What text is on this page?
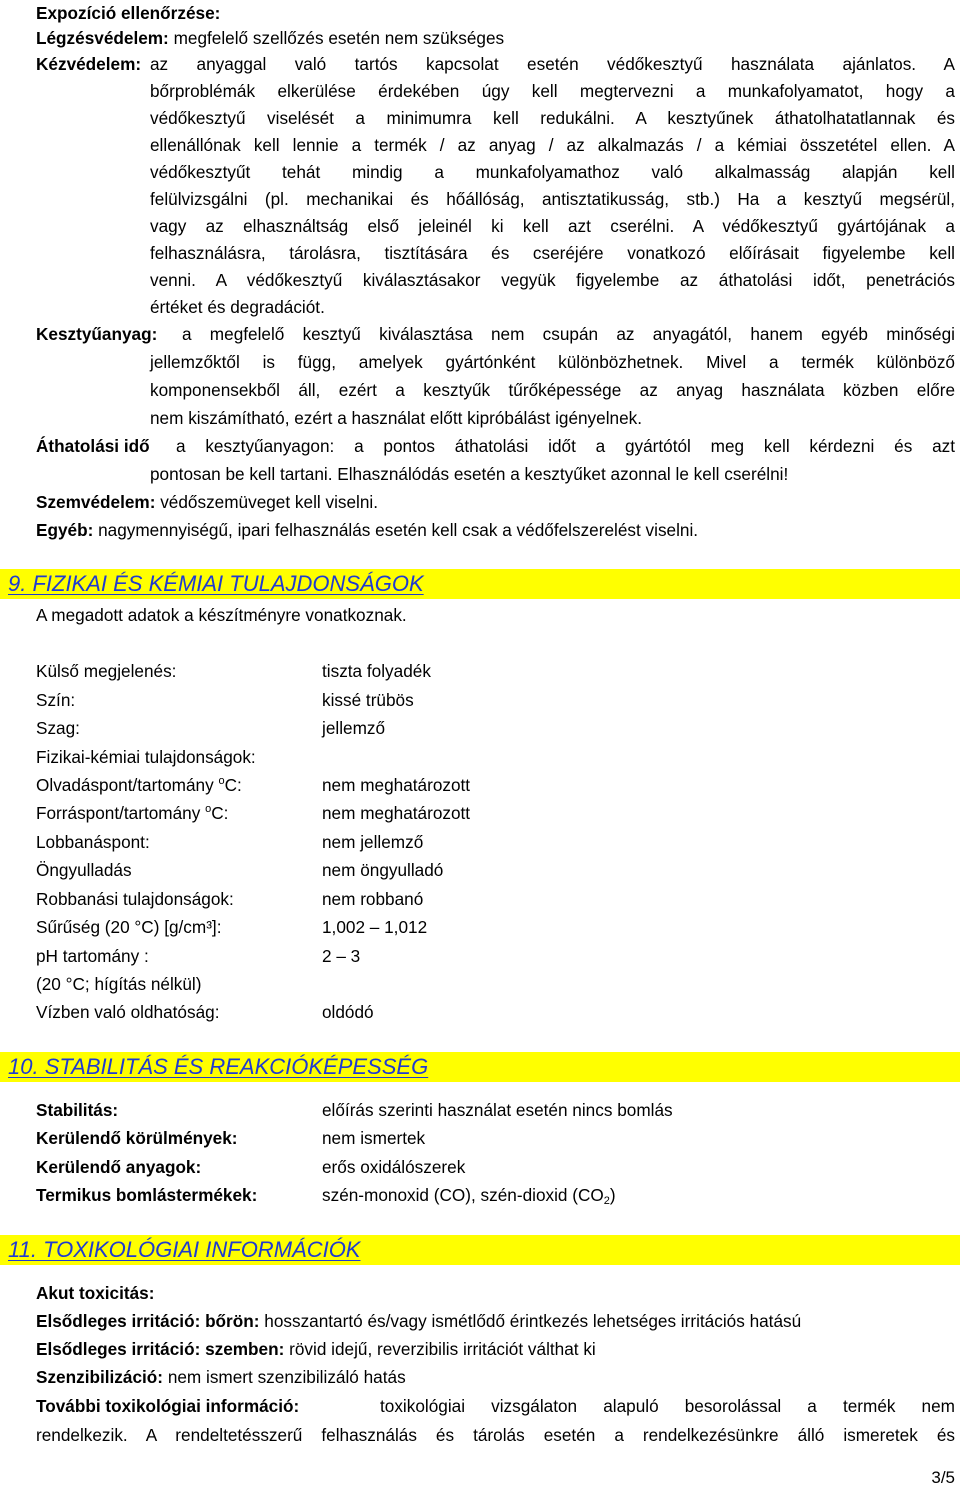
Expozíció ellenőrzése:
Légzésvédelem: megfelelő szellőzés esetén nem szükséges
Kézvédelem: az anyaggal való tartós kapcsolat esetén védőkesztyű használata ajánlatos. A
bőrproblémák elkerülése érdekében úgy kell megtervezni a munkafolyamatot, hogy a
védőkesztyű viselését a minimumra kell redukálni. A kesztyűnek áthatolhatatlannak és
ellenállónak kell lennie a termék / az anyag / az alkalmazás / a kémiai összetétel ellen. A
védőkesztyűt tehát mindig a munkafolyamathoz való alkalmasság alapján kell
felülvizsgálni (pl. mechanikai és hőállóság, antisztatikusság, stb.) Ha a kesztyű megsérül,
vagy az elhasználtság első jeleinél ki kell azt cserélni. A védőkesztyű gyártójának a
felhasználásra, tárolásra, tisztítására és cseréjére vonatkozó előírásait figyelembe kell
venni. A védőkesztyű kiválasztásakor vegyük figyelembe az áthatolási időt, penetrációs
értéket és degradációt.
Kesztyűanyag: a megfelelő kesztyű kiválasztása nem csupán az anyagától, hanem egyéb minőségi
jellemzőktől is függ, amelyek gyártónként különbözhetnek. Mivel a termék különböző
komponensekből áll, ezért a kesztyűk tűrőképessége az anyag használata közben előre
nem kiszámítható, ezért a használat előtt kipróbálást igényelnek.
Áthatolási idő a kesztyűanyagon: a pontos áthatolási időt a gyártótól meg kell kérdezni és azt
pontosan be kell tartani. Elhasználódás esetén a kesztyűket azonnal le kell cserélni!
Szemvédelem: védőszemüveget kell viselni.
Egyéb: nagymennyiségű, ipari felhasználás esetén kell csak a védőfelszerelést viselni.
9. FIZIKAI ÉS KÉMIAI TULAJDONSÁGOK
A megadott adatok a készítményre vonatkoznak.
Külső megjelenés:	tiszta folyadék
Szín:	kissé trübös
Szag:	jellemző
Fizikai-kémiai tulajdonságok:
Olvadáspont/tartomány $^o$C:	nem meghatározott
Forráspont/tartomány $^o$C:	nem meghatározott
Lobbanáspont:	nem jellemző
Öngyulladás	nem öngyulladó
Robbanási tulajdonságok:	nem robbanó
Sűrűség (20 °C) [g/cm³]:	1,002 – 1,012
pH tartomány :	2 – 3
(20 °C; hígítás nélkül)
Vízben való oldhatóság:	oldódó
10. STABILITÁS ÉS REAKCIÓKÉPESSÉG
Stabilitás:	előírás szerinti használat esetén nincs bomlás
Kerülendő körülmények:	nem ismertek
Kerülendő anyagok:	erős oxidálószerek
Termikus bomlástermékek:	szén-monoxid (CO), szén-dioxid $(CO_2)$
11. TOXIKOLÓGIAI INFORMÁCIÓK
Akut toxicitás:
Elsődleges irritáció: bőrön: hosszantartó és/vagy ismétlődő érintkezés lehetséges irritációs hatású
Elsődleges irritáció: szemben: rövid idejű, reverzibilis irritációt válthat ki
Szenzibilizáció: nem ismert szenzibilizáló hatás
További toxikológiai információ:	toxikológiai vizsgálaton alapuló besorolással a termék nem
rendelkezik. A rendeltetésszerű felhasználás és tárolás esetén a rendelkezésünkre álló ismeretek és
3/5
